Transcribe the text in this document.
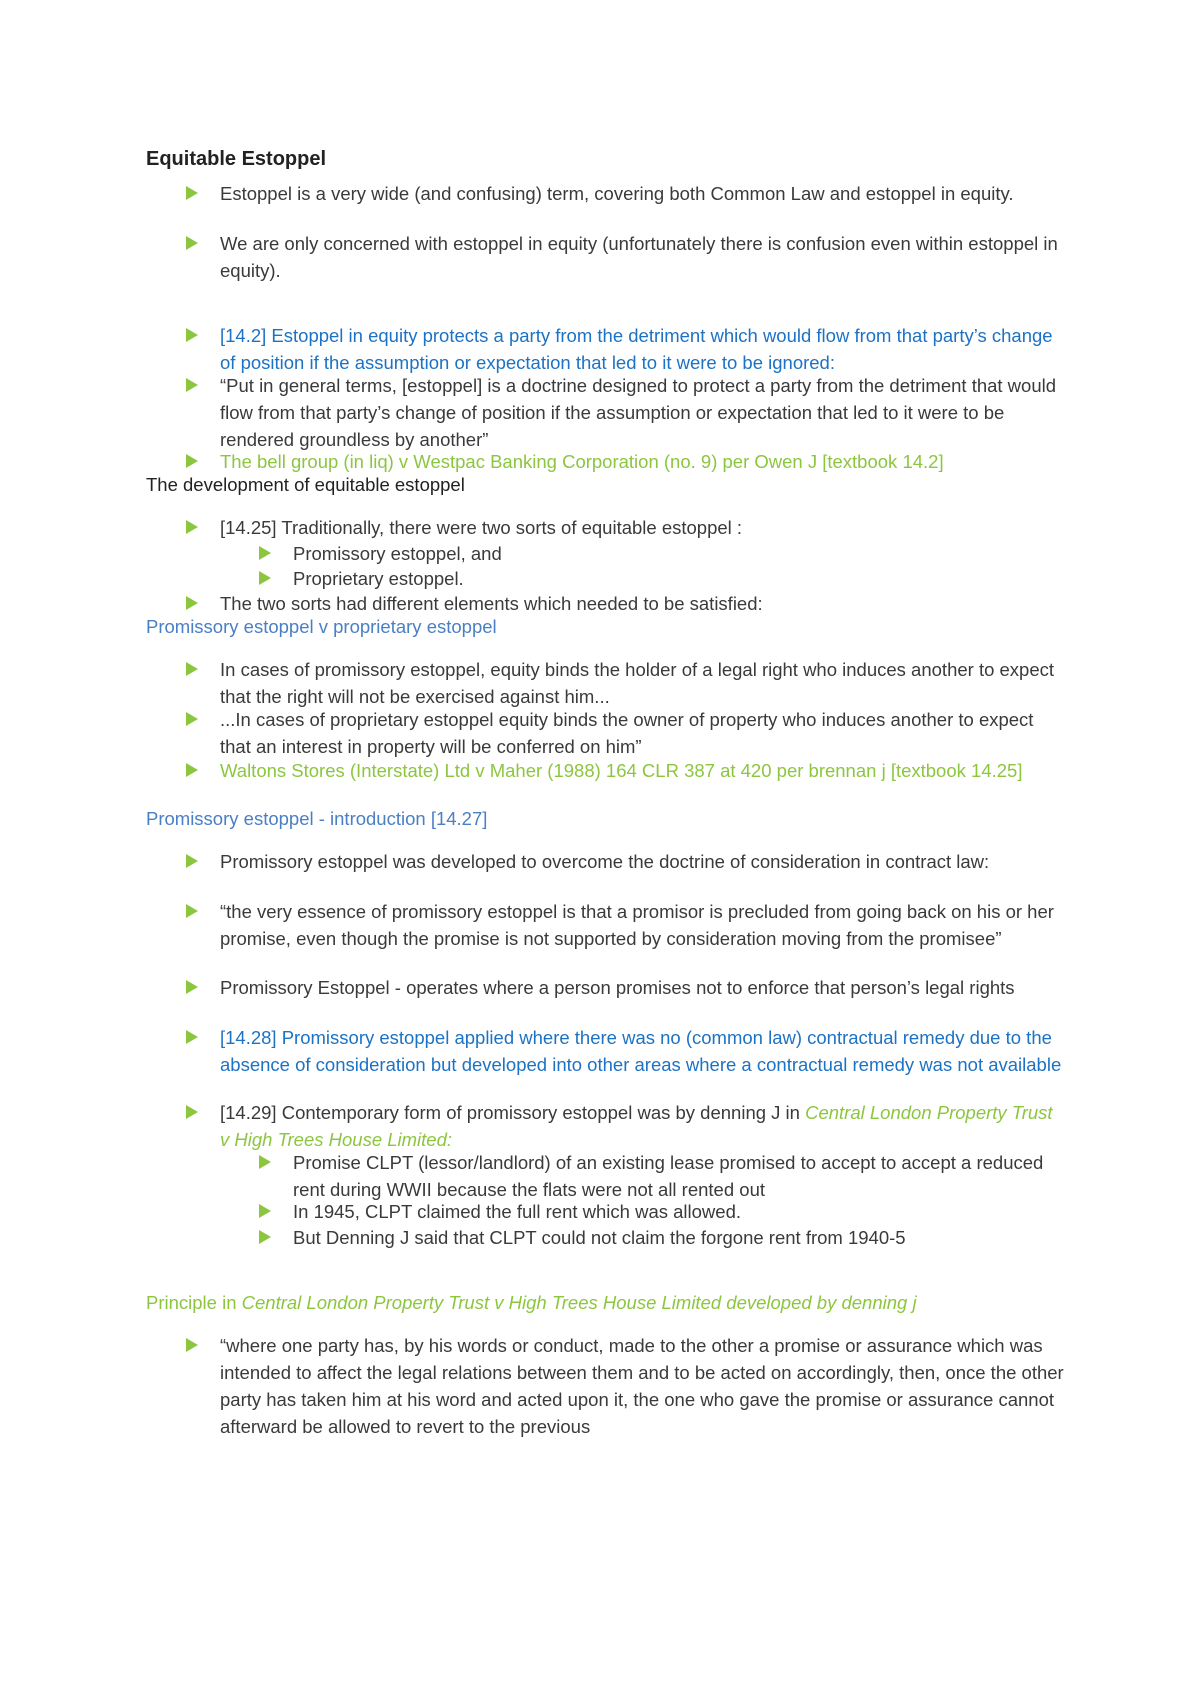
Equitable Estoppel
Estoppel is a very wide (and confusing) term, covering both Common Law and estoppel in equity.
We are only concerned with estoppel in equity (unfortunately there is confusion even within estoppel in equity).
[14.2] Estoppel in equity protects a party from the detriment which would flow from that party’s change of position if the assumption or expectation that led to it were to be ignored:
“Put in general terms, [estoppel] is a doctrine designed to protect a party from the detriment that would flow from that party’s change of position if the assumption or expectation that led to it were to be rendered groundless by another”
The bell group (in liq) v Westpac Banking Corporation (no. 9) per Owen J [textbook 14.2]
The development of equitable estoppel
[14.25] Traditionally, there were two sorts of equitable estoppel :
Promissory estoppel, and
Proprietary estoppel.
The two sorts had different elements which needed to be satisfied:
Promissory estoppel v proprietary estoppel
In cases of promissory estoppel, equity binds the holder of a legal right who induces another to expect that the right will not be exercised against him...
...In cases of proprietary estoppel equity binds the owner of property who induces another to expect that an interest in property will be conferred on him”
Waltons Stores (Interstate) Ltd v Maher (1988) 164 CLR 387 at 420 per brennan j [textbook 14.25]
Promissory estoppel - introduction [14.27]
Promissory estoppel was developed to overcome the doctrine of consideration in contract law:
“the very essence of promissory estoppel is that a promisor is precluded from going back on his or her promise, even though the promise is not supported by consideration moving from the promisee”
Promissory Estoppel - operates where a person promises not to enforce that person’s legal rights
[14.28] Promissory estoppel applied where there was no (common law) contractual remedy due to the absence of consideration but developed into other areas where a contractual remedy was not available
[14.29] Contemporary form of promissory estoppel was by denning J in Central London Property Trust v High Trees House Limited:
Promise CLPT (lessor/landlord) of an existing lease promised to accept to accept a reduced rent during WWII because the flats were not all rented out
In 1945, CLPT claimed the full rent which was allowed.
But Denning J said that CLPT could not claim the forgone rent from 1940-5
Principle in Central London Property Trust v High Trees House Limited developed by denning j
“where one party has, by his words or conduct, made to the other a promise or assurance which was intended to affect the legal relations between them and to be acted on accordingly, then, once the other party has taken him at his word and acted upon it, the one who gave the promise or assurance cannot afterward be allowed to revert to the previous
